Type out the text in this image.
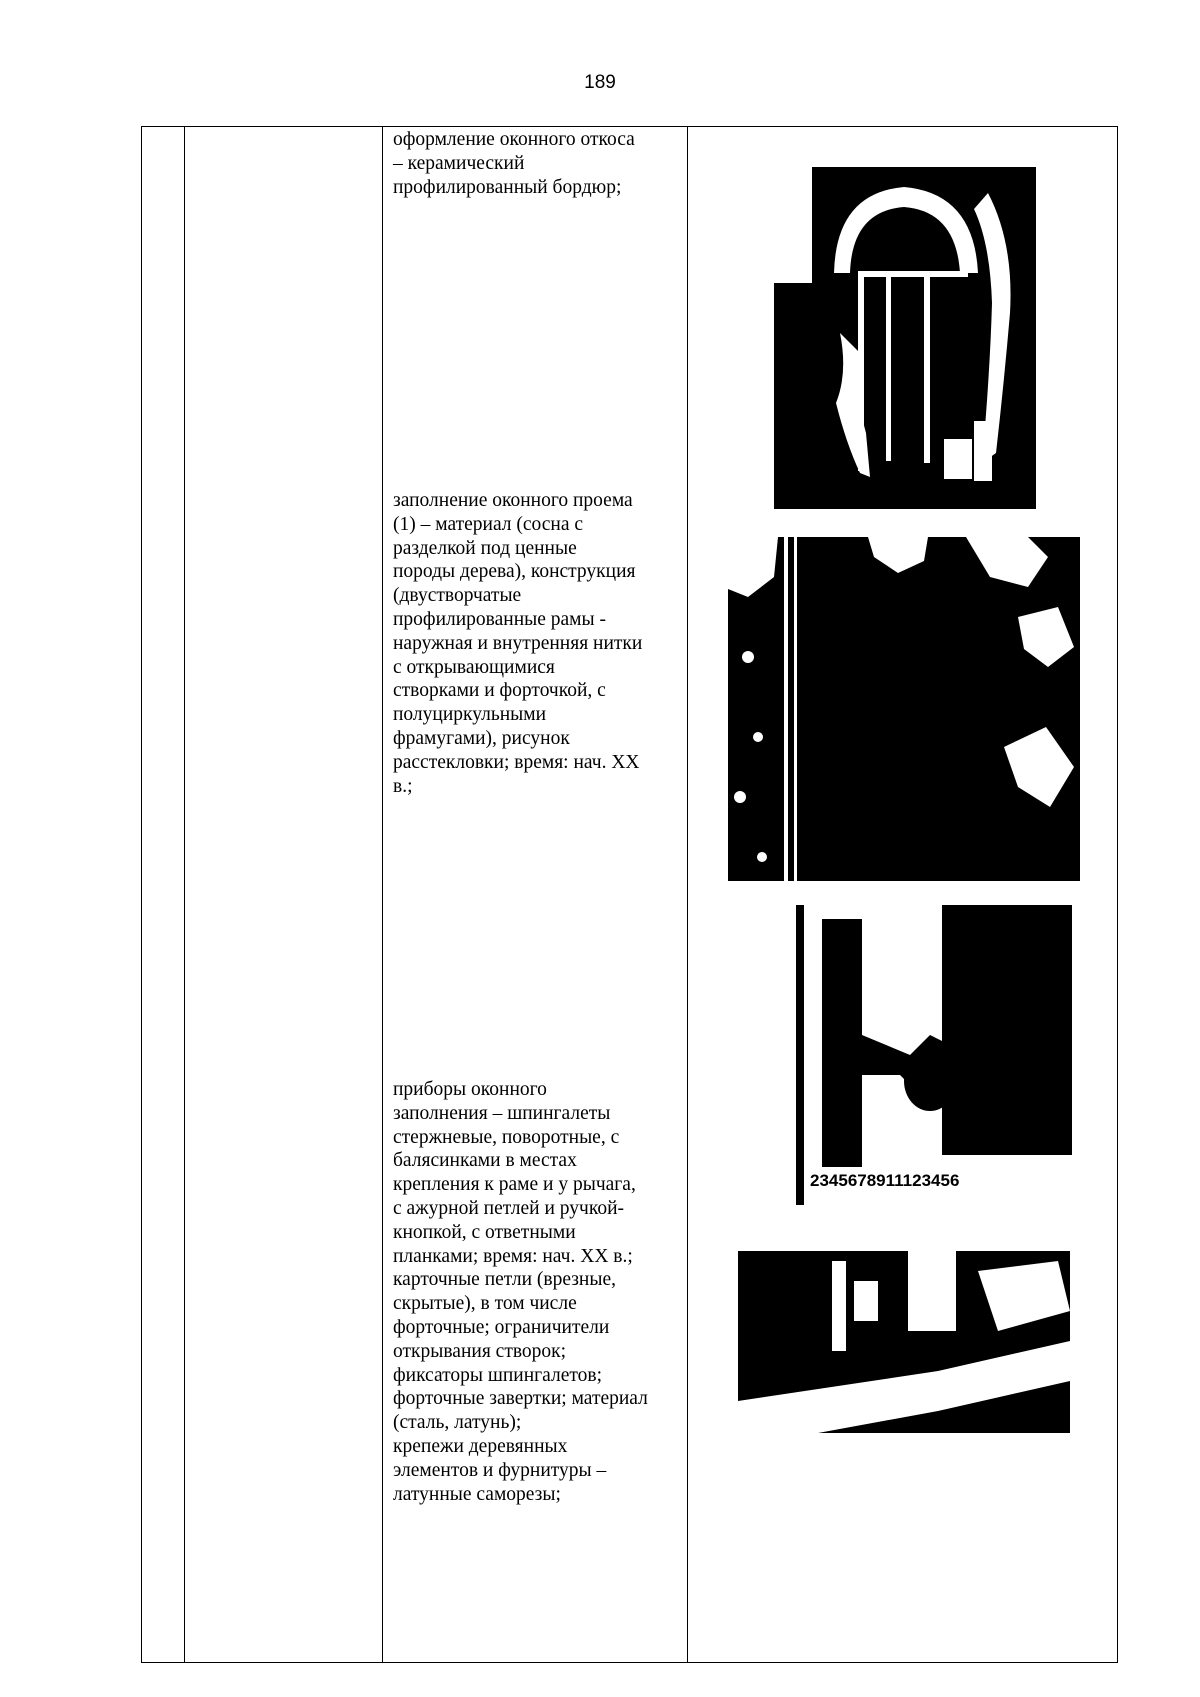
189
оформление оконного откоса
– керамический
профилированный бордюр;
заполнение оконного проема
(1) – материал (сосна с
разделкой под ценные
породы дерева), конструкция
(двустворчатые
профилированные рамы -
наружная и внутренняя нитки
с открывающимися
створками и форточкой, с
полуциркульными
фрамугами), рисунок
расстекловки; время: нач. XX
в.;
приборы оконного
заполнения – шпингалеты
стержневые, поворотные, с
балясинками в местах
крепления к раме и у рычага,
с ажурной петлей и ручкой-
кнопкой, с ответными
планками; время: нач. XX в.;
карточные петли (врезные,
скрытые), в том числе
форточные; ограничители
открывания створок;
фиксаторы шпингалетов;
форточные завертки; материал
(сталь, латунь);
крепежи деревянных
элементов и фурнитуры –
латунные саморезы;
2345678911123456
